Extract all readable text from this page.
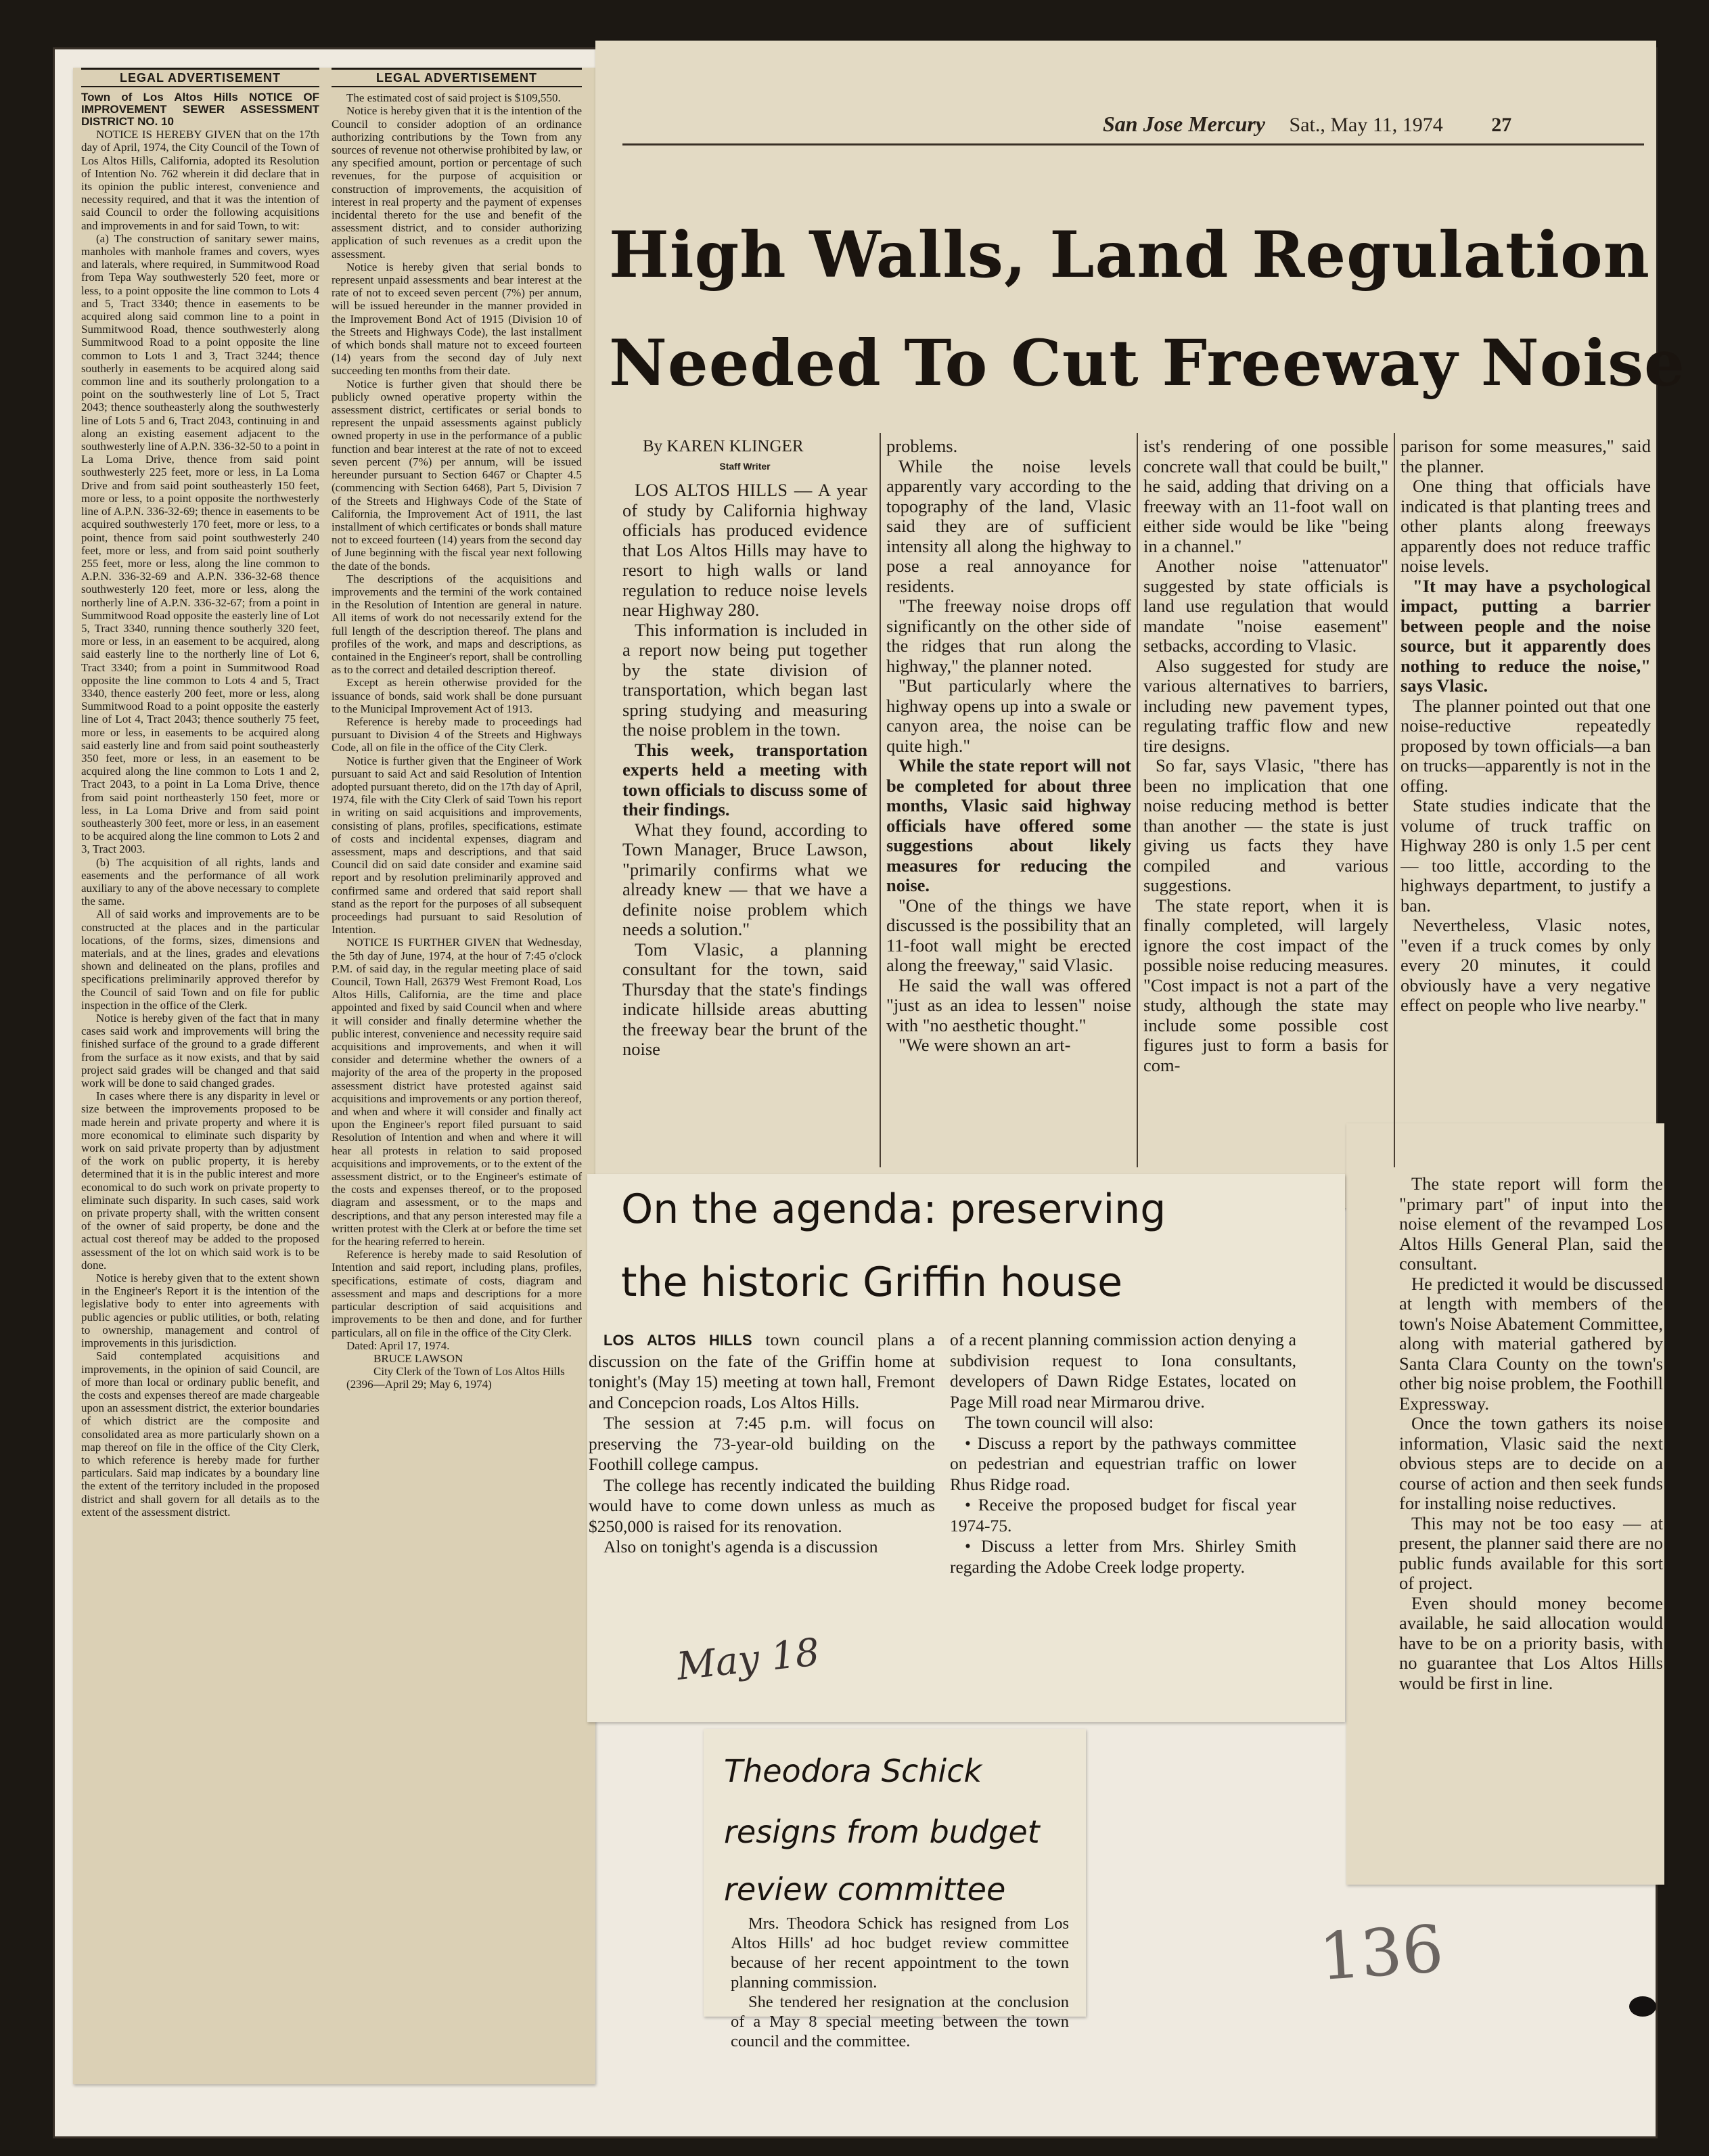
LEGAL ADVERTISEMENT
Town of Los Altos Hills NOTICE OF IMPROVEMENT SEWER ASSESSMENT DISTRICT NO. 10

NOTICE IS HEREBY GIVEN that on the 17th day of April, 1974, the City Council of the Town of Los Altos Hills, California, adopted its Resolution of Intention No. 762 wherein it did declare that in its opinion the public interest, convenience and necessity required, and that it was the intention of said Council to order the following acquisitions and improvements in and for said Town, to wit:

(a) The construction of sanitary sewer mains, manholes with manhole frames and covers, wyes and laterals, where required, in Summitwood Road from Tepa Way southwesterly 520 feet, more or less, to a point opposite the line common to Lots 4 and 5, Tract 3340; thence in easements to be acquired along said common line to a point in Summitwood Road, thence southwesterly along Summitwood Road to a point opposite the line common to Lots 1 and 3, Tract 3244; thence southerly in easements to be acquired along said common line and its southerly prolongation to a point on the southwesterly line of Lot 5, Tract 2043; thence southeasterly along the southwesterly line of Lots 5 and 6, Tract 2043, continuing in and along an existing easement adjacent to the southwesterly line of A.P.N. 336-32-50 to a point in La Loma Drive, thence from said point southwesterly 225 feet, more or less, in La Loma Drive and from said point southeasterly 150 feet, more or less, to a point opposite the northwesterly line of A.P.N. 336-32-69; thence in easements to be acquired southwesterly 170 feet, more or less, to a point, thence from said point southwesterly 240 feet, more or less, and from said point southerly 255 feet, more or less, along the line common to A.P.N. 336-32-69 and A.P.N. 336-32-68 thence southwesterly 120 feet, more or less, along the northerly line of A.P.N. 336-32-67; from a point in Summitwood Road opposite the easterly line of Lot 5, Tract 3340, running thence southerly 320 feet, more or less, in an easement to be acquired, along said easterly line to the northerly line of Lot 6, Tract 3340; from a point in Summitwood Road opposite the line common to Lots 4 and 5, Tract 3340, thence easterly 200 feet, more or less, along Summitwood Road to a point opposite the easterly line of Lot 4, Tract 2043; thence southerly 75 feet, more or less, in easements to be acquired along said easterly line and from said point southeasterly 350 feet, more or less, in an easement to be acquired along the line common to Lots 1 and 2, Tract 2043, to a point in La Loma Drive, thence from said point northeasterly 150 feet, more or less, in La Loma Drive and from said point southeasterly 300 feet, more or less, in an easement to be acquired along the line common to Lots 2 and 3, Tract 2003.

(b) The acquisition of all rights, lands and easements and the performance of all work auxiliary to any of the above necessary to complete the same.

All of said works and improvements are to be constructed at the places and in the particular locations, of the forms, sizes, dimensions and materials, and at the lines, grades and elevations shown and delineated on the plans, profiles and specifications preliminarily approved therefor by the Council of said Town and on file for public inspection in the office of the Clerk.

Notice is hereby given of the fact that in many cases said work and improvements will bring the finished surface of the ground to a grade different from the surface as it now exists, and that by said project said grades will be changed and that said work will be done to said changed grades.

In cases where there is any disparity in level or size between the improvements proposed to be made herein and private property and where it is more economical to eliminate such disparity by work on said private property than by adjustment of the work on public property, it is hereby determined that it is in the public interest and more economical to do such work on private property to eliminate such disparity. In such cases, said work on private property shall, with the written consent of the owner of said property, be done and the actual cost thereof may be added to the proposed assessment of the lot on which said work is to be done.

Notice is hereby given that to the extent shown in the Engineer's Report it is the intention of the legislative body to enter into agreements with public agencies or public utilities, or both, relating to ownership, management and control of improvements in this jurisdiction.

Said contemplated acquisitions and improvements, in the opinion of said Council, are of more than local or ordinary public benefit, and the costs and expenses thereof are made chargeable upon an assessment district, the exterior boundaries of which district are the composite and consolidated area as more particularly shown on a map thereof on file in the office of the City Clerk, to which reference is hereby made for further particulars. Said map indicates by a boundary line the extent of the territory included in the proposed district and shall govern for all details as to the extent of the assessment district.

LEGAL ADVERTISEMENT

The estimated cost of said project is $109,550.

Notice is hereby given that it is the intention of the Council to consider adoption of an ordinance authorizing contributions by the Town from any sources of revenue not otherwise prohibited by law, or any specified amount, portion or percentage of such revenues, for the purpose of acquisition or construction of improvements, the acquisition of interest in real property and the payment of expenses incidental thereto for the use and benefit of the assessment district, and to consider authorizing application of such revenues as a credit upon the assessment.

Notice is hereby given that serial bonds to represent unpaid assessments and bear interest at the rate of not to exceed seven percent (7%) per annum, will be issued hereunder in the manner provided in the Improvement Bond Act of 1915 (Division 10 of the Streets and Highways Code), the last installment of which bonds shall mature not to exceed fourteen (14) years from the second day of July next succeeding ten months from their date.

Notice is further given that should there be publicly owned operative property within the assessment district, certificates or serial bonds to represent the unpaid assessments against publicly owned property in use in the performance of a public function and bear interest at the rate of not to exceed seven percent (7%) per annum, will be issued hereunder pursuant to Section 6467 or Chapter 4.5 (commencing with Section 6468), Part 5, Division 7 of the Streets and Highways Code of the State of California, the Improvement Act of 1911, the last installment of which certificates or bonds shall mature not to exceed fourteen (14) years from the second day of June beginning with the fiscal year next following the date of the bonds.

The descriptions of the acquisitions and improvements and the termini of the work contained in the Resolution of Intention are general in nature. All items of work do not necessarily extend for the full length of the description thereof. The plans and profiles of the work, and maps and descriptions, as contained in the Engineer's report, shall be controlling as to the correct and detailed description thereof.

Except as herein otherwise provided for the issuance of bonds, said work shall be done pursuant to the Municipal Improvement Act of 1913.

Reference is hereby made to proceedings had pursuant to Division 4 of the Streets and Highways Code, all on file in the office of the City Clerk.

Notice is further given that the Engineer of Work pursuant to said Act and said Resolution of Intention adopted pursuant thereto, did on the 17th day of April, 1974, file with the City Clerk of said Town his report in writing on said acquisitions and improvements, consisting of plans, profiles, specifications, estimate of costs and incidental expenses, diagram and assessment, maps and descriptions, and that said Council did on said date consider and examine said report and by resolution preliminarily approved and confirmed same and ordered that said report shall stand as the report for the purposes of all subsequent proceedings had pursuant to said Resolution of Intention.

NOTICE IS FURTHER GIVEN that Wednesday, the 5th day of June, 1974, at the hour of 7:45 o'clock P.M. of said day, in the regular meeting place of said Council, Town Hall, 26379 West Fremont Road, Los Altos Hills, California, are the time and place appointed and fixed by said Council when and where it will consider and finally determine whether the public interest, convenience and necessity require said acquisitions and improvements, and when it will consider and determine whether the owners of a majority of the area of the property in the proposed assessment district have protested against said acquisitions and improvements or any portion thereof, and when and where it will consider and finally act upon the Engineer's report filed pursuant to said Resolution of Intention and when and where it will hear all protests in relation to said proposed acquisitions and improvements, or to the extent of the assessment district, or to the Engineer's estimate of the costs and expenses thereof, or to the proposed diagram and assessment, or to the maps and descriptions, and that any person interested may file a written protest with the Clerk at or before the time set for the hearing referred to herein.

Reference is hereby made to said Resolution of Intention and said report, including plans, profiles, specifications, estimate of costs, diagram and assessment and maps and descriptions for a more particular description of said acquisitions and improvements to be then and done, and for further particulars, all on file in the office of the City Clerk.

Dated: April 17, 1974.
BRUCE LAWSON
City Clerk of the Town of Los Altos Hills
(2396—April 29; May 6, 1974)
San Jose Mercury Sat., May 11, 1974 27
High Walls, Land Regulation
Needed To Cut Freeway Noise

By KAREN KLINGER

Staff Writer

LOS ALTOS HILLS — A year of study by California highway officials has produced evidence that Los Altos Hills may have to resort to high walls or land regulation to reduce noise levels near Highway 280.

This information is included in a report now being put together by the state division of transportation, which began last spring studying and measuring the noise problem in the town.

This week, transportation experts held a meeting with town officials to discuss some of their findings.

What they found, according to Town Manager, Bruce Lawson, "primarily confirms what we already knew — that we have a definite noise problem which needs a solution."

Tom Vlasic, a planning consultant for the town, said Thursday that the state's findings indicate hillside areas abutting the freeway bear the brunt of the noise

problems.

While the noise levels apparently vary according to the topography of the land, Vlasic said they are of sufficient intensity all along the highway to pose a real annoyance for residents.

"The freeway noise drops off significantly on the other side of the ridges that run along the highway," the planner noted.

"But particularly where the highway opens up into a swale or canyon area, the noise can be quite high."

While the state report will not be completed for about three months, Vlasic said highway officials have offered some suggestions about likely measures for reducing the noise.

"One of the things we have discussed is the possibility that an 11-foot wall might be erected along the freeway," said Vlasic.

He said the wall was offered "just as an idea to lessen" noise with "no aesthetic thought."

"We were shown an art-

ist's rendering of one possible concrete wall that could be built," he said, adding that driving on a freeway with an 11-foot wall on either side would be like "being in a channel."

Another noise "attenuator" suggested by state officials is land use regulation that would mandate "noise easement" setbacks, according to Vlasic.

Also suggested for study are various alternatives to barriers, including new pavement types, regulating traffic flow and new tire designs.

So far, says Vlasic, "there has been no implication that one noise reducing method is better than another — the state is just giving us facts they have compiled and various suggestions.

The state report, when it is finally completed, will largely ignore the cost impact of the possible noise reducing measures. "Cost impact is not a part of the study, although the state may include some possible cost figures just to form a basis for com-

parison for some measures," said the planner.

One thing that officials have indicated is that planting trees and other plants along freeways apparently does not reduce traffic noise levels.

"It may have a psychological impact, putting a barrier between people and the noise source, but it apparently does nothing to reduce the noise," says Vlasic.

The planner pointed out that one noise-reductive repeatedly proposed by town officials—a ban on trucks—apparently is not in the offing.

State studies indicate that the volume of truck traffic on Highway 280 is only 1.5 per cent — too little, according to the highways department, to justify a ban.

Nevertheless, Vlasic notes, "even if a truck comes by only every 20 minutes, it could obviously have a very negative effect on people who live nearby."

The state report will form the "primary part" of input into the noise element of the revamped Los Altos Hills General Plan, said the consultant.

He predicted it would be discussed at length with members of the town's Noise Abatement Committee, along with material gathered by Santa Clara County on the town's other big noise problem, the Foothill Expressway.

Once the town gathers its noise information, Vlasic said the next obvious steps are to decide on a course of action and then seek funds for installing noise reductives.

This may not be too easy — at present, the planner said there are no public funds available for this sort of project.

Even should money become available, he said allocation would have to be on a priority basis, with no guarantee that Los Altos Hills would be first in line.

On the agenda: preserving
the historic Griffin house

LOS ALTOS HILLS town council plans a discussion on the fate of the Griffin home at tonight's (May 15) meeting at town hall, Fremont and Concepcion roads, Los Altos Hills.

The session at 7:45 p.m. will focus on preserving the 73-year-old building on the Foothill college campus.

The college has recently indicated the building would have to come down unless as much as $250,000 is raised for its renovation.

Also on tonight's agenda is a discussion

of a recent planning commission action denying a subdivision request to Iona consultants, developers of Dawn Ridge Estates, located on Page Mill road near Mirmarou drive.

The town council will also:

• Discuss a report by the pathways committee on pedestrian and equestrian traffic on lower Rhus Ridge road.

• Receive the proposed budget for fiscal year 1974-75.

• Discuss a letter from Mrs. Shirley Smith regarding the Adobe Creek lodge property.

May 18
Theodora Schick
resigns from budget
review committee

Mrs. Theodora Schick has resigned from Los Altos Hills' ad hoc budget review committee because of her recent appointment to the town planning commission.

She tendered her resignation at the conclusion of a May 8 special meeting between the town council and the committee.

136
